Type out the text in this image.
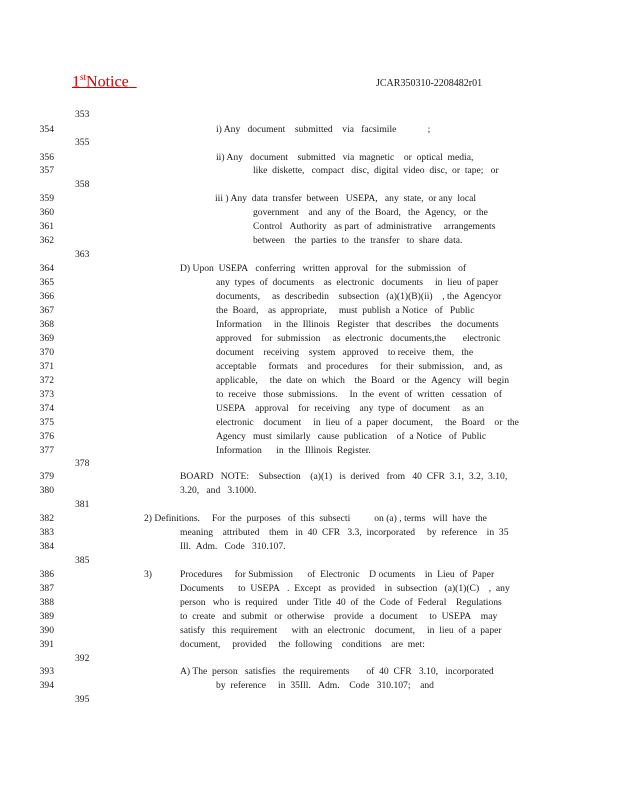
1stNotice	JCAR350310-2208482r01
353
354	i) Any   document    submitted    via   facsimile             ;
355
356	ii) Any   document    submitted   via  magnetic    or  optical  media,
357	like  diskette,   compact   disc,  digital  video  disc,  or  tape;   or
358
359	iii ) Any  data  transfer  between   USEPA,   any  state,  or any  local
360	government    and  any  of  the  Board,   the  Agency,   or  the
361	Control   Authority   as part  of  administrative     arrangements
362	between    the  parties  to  the  transfer   to  share  data.
363
364	D) Upon  USEPA   conferring   written  approval   for  the  submission   of
365	any  types  of  documents    as  electronic   documents     in  lieu  of paper
366	documents,     as  describedin    subsection   (a)(1)(B)(ii)    , the  Agencyor
367	the  Board,    as  appropriate,     must  publish  a Notice   of   Public
368	Information     in  the  Illinois   Register   that  describes    the  documents
369	approved    for  submission     as  electronic   documents,the       electronic
370	document    receiving    system   approved    to receive   them,   the
371	acceptable     formats    and  procedures     for  their  submission,    and,  as
372	applicable,     the  date  on  which    the  Board   or  the  Agency   will  begin
373	to  receive   those  submissions.     In  the  event  of  written   cessation   of
374	USEPA    approval    for  receiving    any  type  of  document     as  an
375	electronic    document     in  lieu  of  a  paper  document,     the  Board    or  the
376	Agency   must  similarly   cause  publication    of  a Notice   of  Public
377	Information      in  the  Illinois  Register.
378
379	BOARD   NOTE:    Subsection    (a)(1)   is  derived   from   40  CFR  3.1,  3.2,  3.10,
380	3.20,   and   3.1000.
381
382	2) Definitions.     For  the  purposes   of  this  subsecti          on (a) , terms   will  have  the
383	meaning    attributed    them   in  40  CFR   3.3,  incorporated     by  reference    in  35
384	Ill.  Adm.   Code   310.107.
385
386	3)	Procedures     for Submission      of  Electronic    D ocuments    in  Lieu  of  Paper
387	Documents      to  USEPA   .  Except   as  provided    in  subsection   (a)(1)(C)    ,  any
388	person   who  is  required    under  Title  40  of  the  Code  of  Federal    Regulations
389	to  create   and  submit   or  otherwise    provide   a  document     to  USEPA    may
390	satisfy   this  requirement      with  an  electronic    document,     in  lieu  of  a  paper
391	document,     provided     the  following    conditions    are  met:
392
393	A) The  person   satisfies   the  requirements       of  40  CFR   3.10,   incorporated
394	by  reference     in  35Ill.   Adm.    Code   310.107;    and
395
